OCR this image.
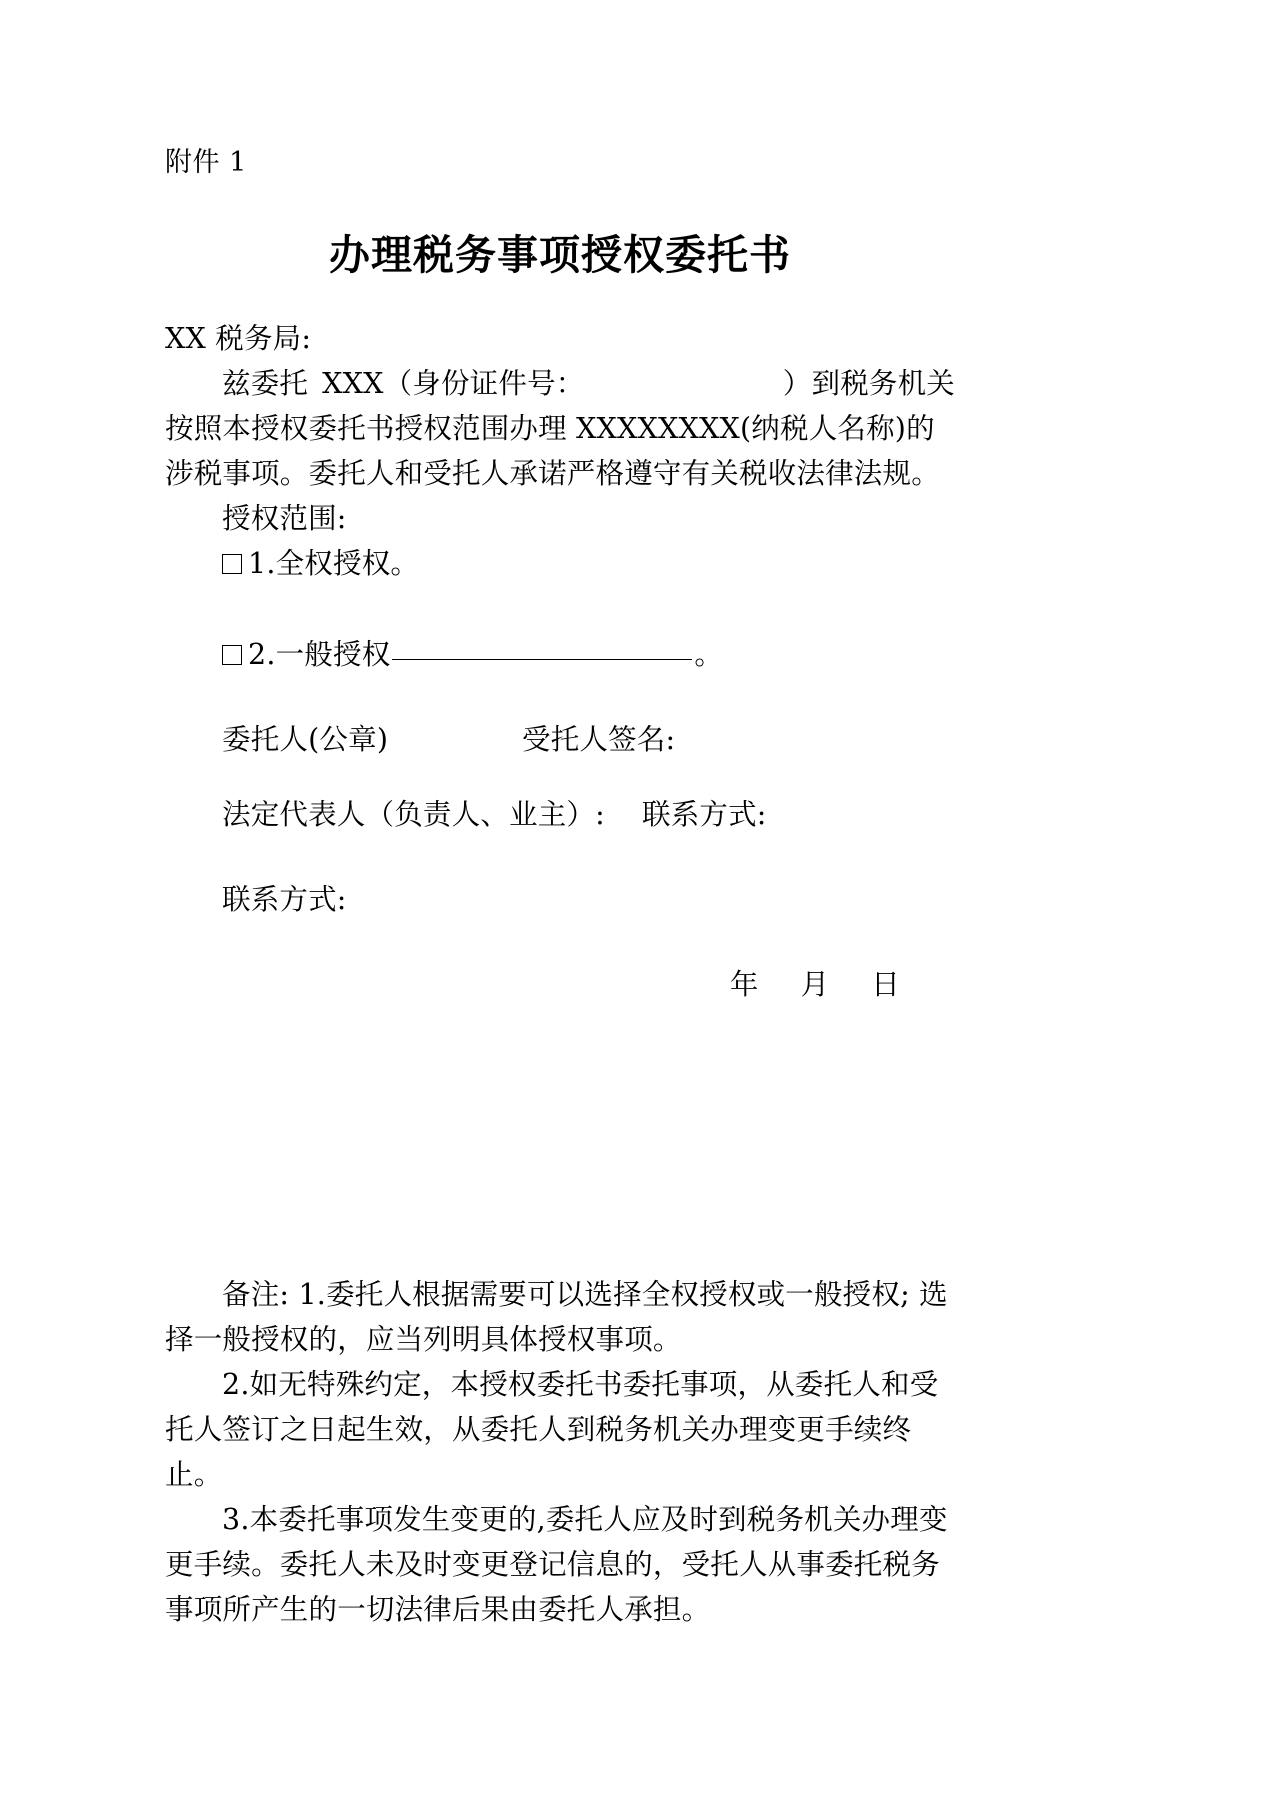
附件 1
办理税务事项授权委托书
XX 税务局:
兹委托 XXX（身份证件号：	）到税务机关
按照本授权委托书授权范围办理 XXXXXXXX(纳税人名称)的
涉税事项。委托人和受托人承诺严格遵守有关税收法律法规。
授权范围:
1.全权授权。
2.一般授权	。
委托人(公章)	受托人签名:
法定代表人（负责人、业主）:	联系方式:
联系方式:
年 月 日

备注: 1.委托人根据需要可以选择全权授权或一般授权; 选择一般授权的，应当列明具体授权事项。

2.如无特殊约定，本授权委托书委托事项，从委托人和受托人签订之日起生效，从委托人到税务机关办理变更手续终止。

3.本委托事项发生变更的,委托人应及时到税务机关办理变更手续。委托人未及时变更登记信息的，受托人从事委托税务事项所产生的一切法律后果由委托人承担。
